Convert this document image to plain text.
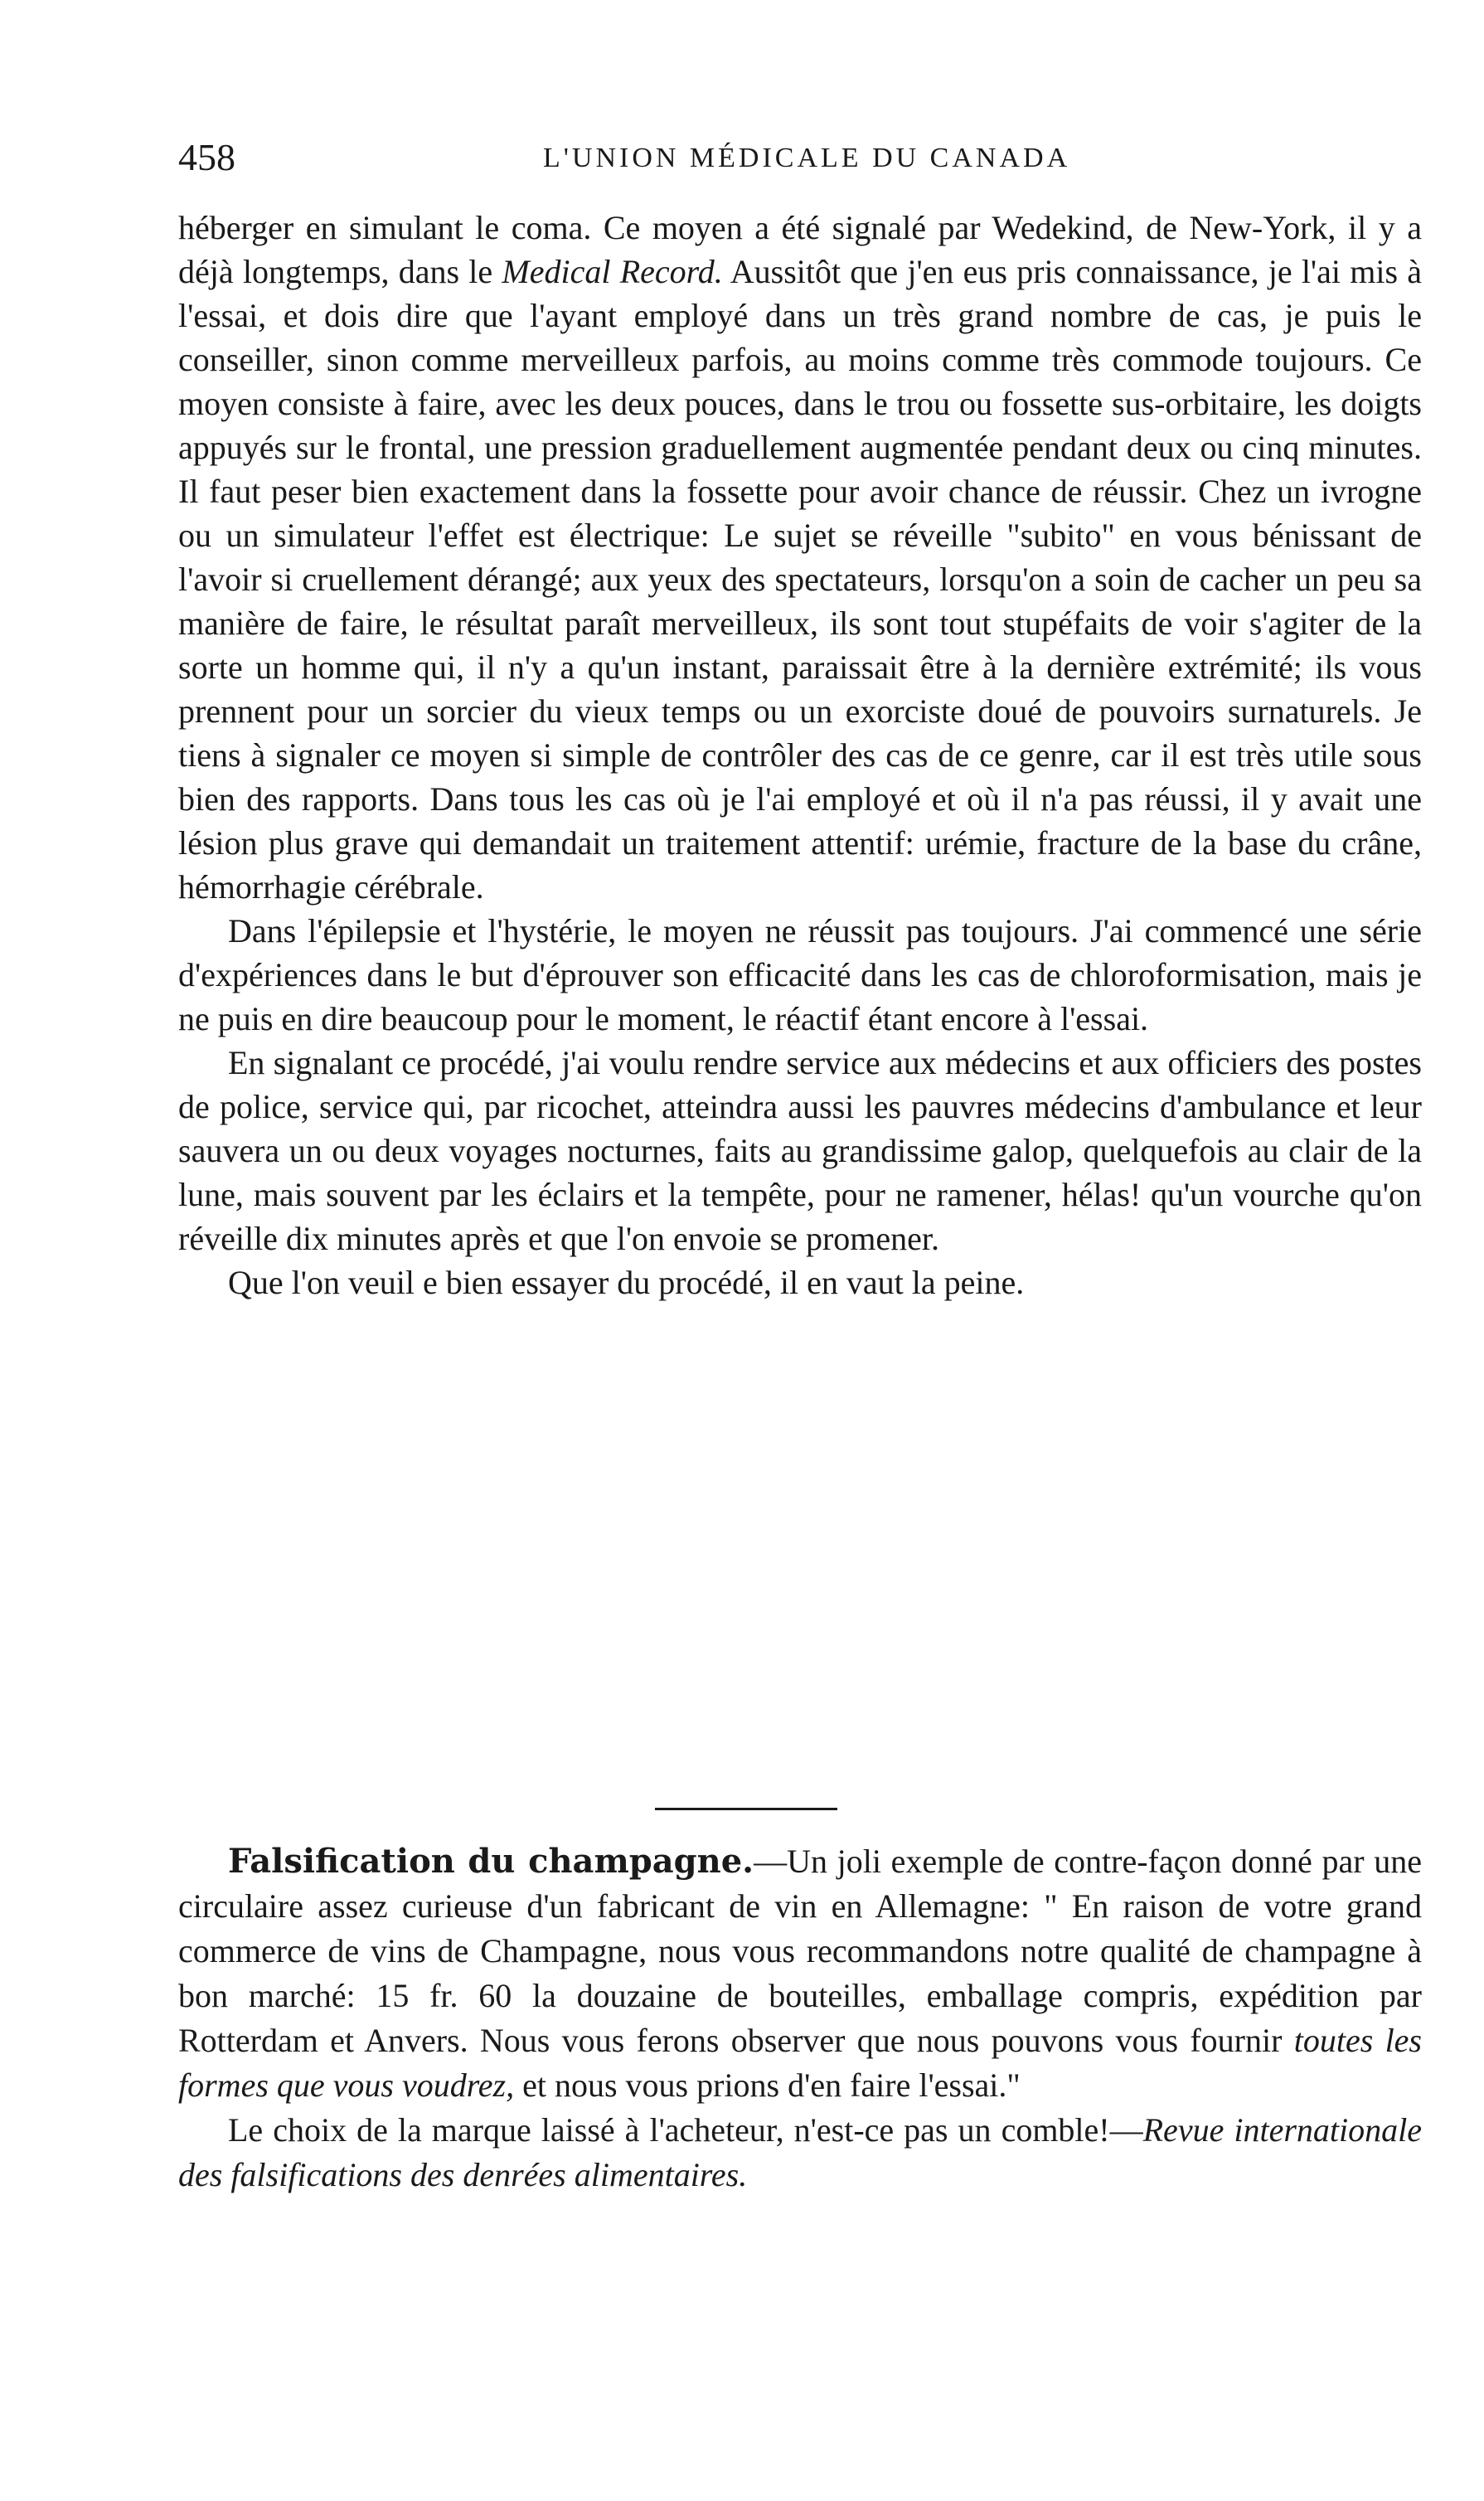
458	L'UNION MÉDICALE DU CANADA

héberger en simulant le coma. Ce moyen a été signalé par Wedekind, de New-York, il y a déjà longtemps, dans le Medical Record. Aussitôt que j'en eus pris connaissance, je l'ai mis à l'essai, et dois dire que l'ayant employé dans un très grand nombre de cas, je puis le conseiller, sinon comme merveilleux parfois, au moins comme très commode toujours. Ce moyen consiste à faire, avec les deux pouces, dans le trou ou fossette sus-orbitaire, les doigts appuyés sur le frontal, une pression graduellement augmentée pendant deux ou cinq minutes. Il faut peser bien exactement dans la fossette pour avoir chance de réussir. Chez un ivrogne ou un simulateur l'effet est électrique: Le sujet se réveille "subito" en vous bénissant de l'avoir si cruellement dérangé; aux yeux des spectateurs, lorsqu'on a soin de cacher un peu sa manière de faire, le résultat paraît merveilleux, ils sont tout stupéfaits de voir s'agiter de la sorte un homme qui, il n'y a qu'un instant, paraissait être à la dernière extrémité; ils vous prennent pour un sorcier du vieux temps ou un exorciste doué de pouvoirs surnaturels. Je tiens à signaler ce moyen si simple de contrôler des cas de ce genre, car il est très utile sous bien des rapports. Dans tous les cas où je l'ai employé et où il n'a pas réussi, il y avait une lésion plus grave qui demandait un traitement attentif: urémie, fracture de la base du crâne, hémorrhagie cérébrale.

Dans l'épilepsie et l'hystérie, le moyen ne réussit pas toujours. J'ai commencé une série d'expériences dans le but d'éprouver son efficacité dans les cas de chloroformisation, mais je ne puis en dire beaucoup pour le moment, le réactif étant encore à l'essai.

En signalant ce procédé, j'ai voulu rendre service aux médecins et aux officiers des postes de police, service qui, par ricochet, atteindra aussi les pauvres médecins d'ambulance et leur sauvera un ou deux voyages nocturnes, faits au grandissime galop, quelquefois au clair de la lune, mais souvent par les éclairs et la tempête, pour ne ramener, hélas! qu'un vourche qu'on réveille dix minutes après et que l'on envoie se promener.

Que l'on veuil e bien essayer du procédé, il en vaut la peine.

Falsification du champagne.—Un joli exemple de contre-façon donné par une circulaire assez curieuse d'un fabricant de vin en Allemagne: " En raison de votre grand commerce de vins de Champagne, nous vous recommandons notre qualité de champagne à bon marché: 15 fr. 60 la douzaine de bouteilles, emballage compris, expédition par Rotterdam et Anvers. Nous vous ferons observer que nous pouvons vous fournir toutes les formes que vous voudrez, et nous vous prions d'en faire l'essai."

Le choix de la marque laissé à l'acheteur, n'est-ce pas un comble!—Revue internationale des falsifications des denrées alimentaires.
